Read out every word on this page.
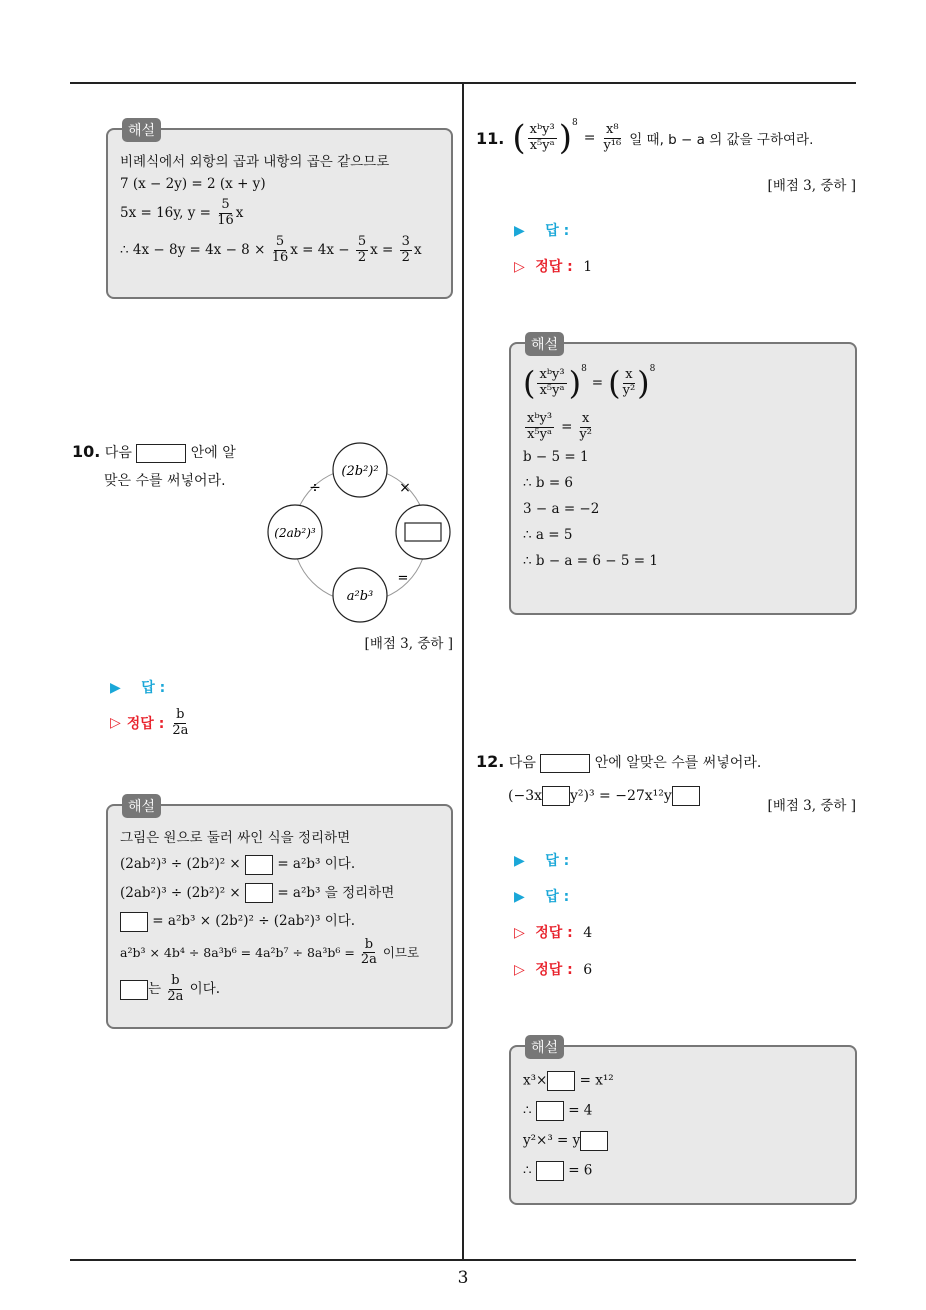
3
해설
비례식에서 외항의 곱과 내항의 곱은 같으므로
7 (x − 2y) = 2 (x + y)
5x = 16y, $y = \frac{5}{16}$ x
∴ $4x - 8y = 4x - 8 \times \frac{5}{16}$ $x = 4x - \frac{5}{2}$ $x = \frac{3}{2}$ x
10. 다음	안에 알
맞은 수를 써넣어라.
(2b²)²
(2ab²)³
a²b³
÷	×
=
[배점 3, 중하 ]
▶ 답 :
▷ 정답 : $\frac{b}{2a}$
해설
그림은 원으로 둘러 싸인 식을 정리하면
(2ab²)³ ÷ (2b²)² ×	= a²b³ 이다.
(2ab²)³ ÷ (2b²)² ×	= a²b³ 을 정리하면
= a²b³ × (2b²)² ÷ (2ab²)³ 이다.
$a^2b^3 \times 4b^4 \div 8a^3b^6 = 4a^2b^7 \div 8a^3b^6 = \frac{b}{2a}$ 이므로
는 $\frac{b}{2a}$ 이다.
11. ( $\frac{\text{xᵇy³}}{\text{x⁵yᵃ}} )^8$
= $\frac{\text{x⁸}}{\text{y¹⁶}}$ 일 때, b − a 의 값을 구하여라.
[배점 3, 중하 ]
▶ 답 :
▷ 정답 : 1
해설
( $\frac{\text{xᵇy³}}{\text{x⁵yᵃ}} )^8$
= ( $\frac{x}{\text{y²}} )^8$
$\frac{\text{xᵇy³}}{\text{x⁵yᵃ}} = \frac{x}{\text{y²}}$
b − 5 = 1
∴ b = 6
3 − a = −2
∴ a = 5
∴ b − a = 6 − 5 = 1
12. 다음	안에 알맞은 수를 써넣어라.
(−3x y²)³ = −27x¹²y
[배점 3, 중하 ]
▶ 답 :
▶ 답 :
▷ 정답 : 4
▷ 정답 : 6
해설
x³× = x¹²
∴	= 4
y²×³ = y
∴	= 6
